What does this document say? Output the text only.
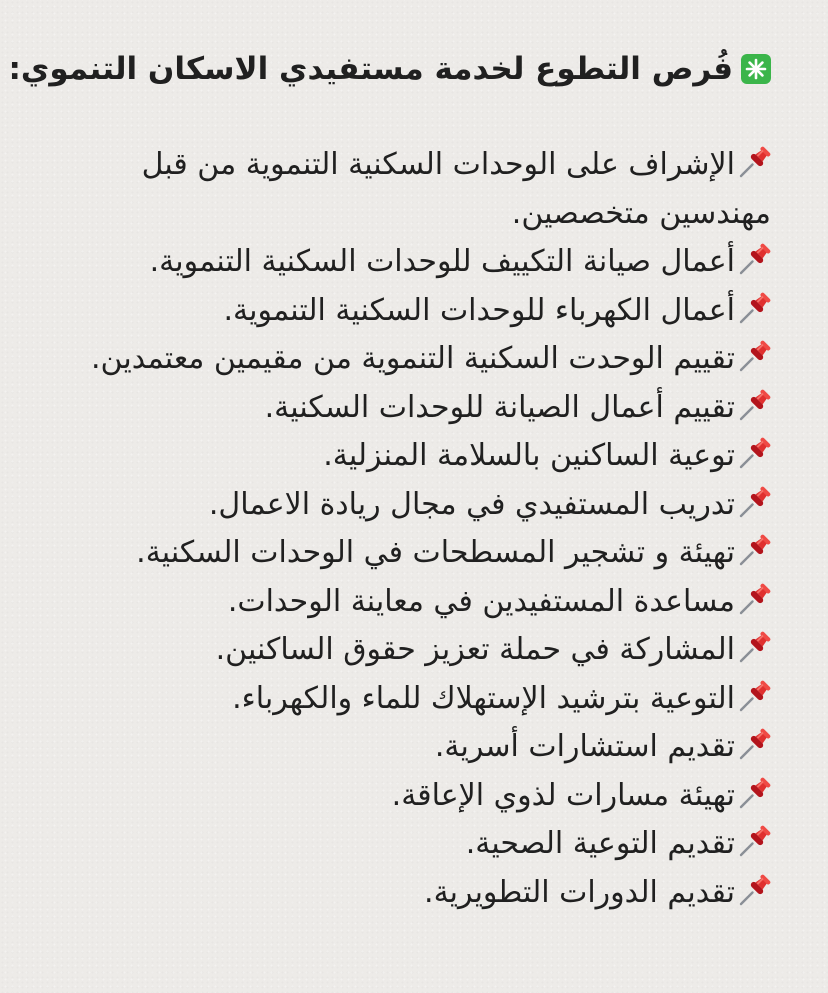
فُرص التطوع لخدمة مستفيدي الاسكان التنموي:
الإشراف على الوحدات السكنية التنموية من قبل مهندسين متخصصين.
أعمال صيانة التكييف للوحدات السكنية التنموية.
أعمال الكهرباء للوحدات السكنية التنموية.
تقييم الوحدت السكنية التنموية من مقيمين معتمدين.
تقييم أعمال الصيانة للوحدات السكنية.
توعية الساكنين بالسلامة المنزلية.
تدريب المستفيدي في مجال ريادة الاعمال.
تهيئة و تشجير المسطحات في الوحدات السكنية.
مساعدة المستفيدين في معاينة الوحدات.
المشاركة في حملة تعزيز حقوق الساكنين.
التوعية بترشيد الإستهلاك للماء والكهرباء.
تقديم استشارات أسرية.
تهيئة مسارات لذوي الإعاقة.
تقديم التوعية الصحية.
تقديم الدورات التطويرية.
